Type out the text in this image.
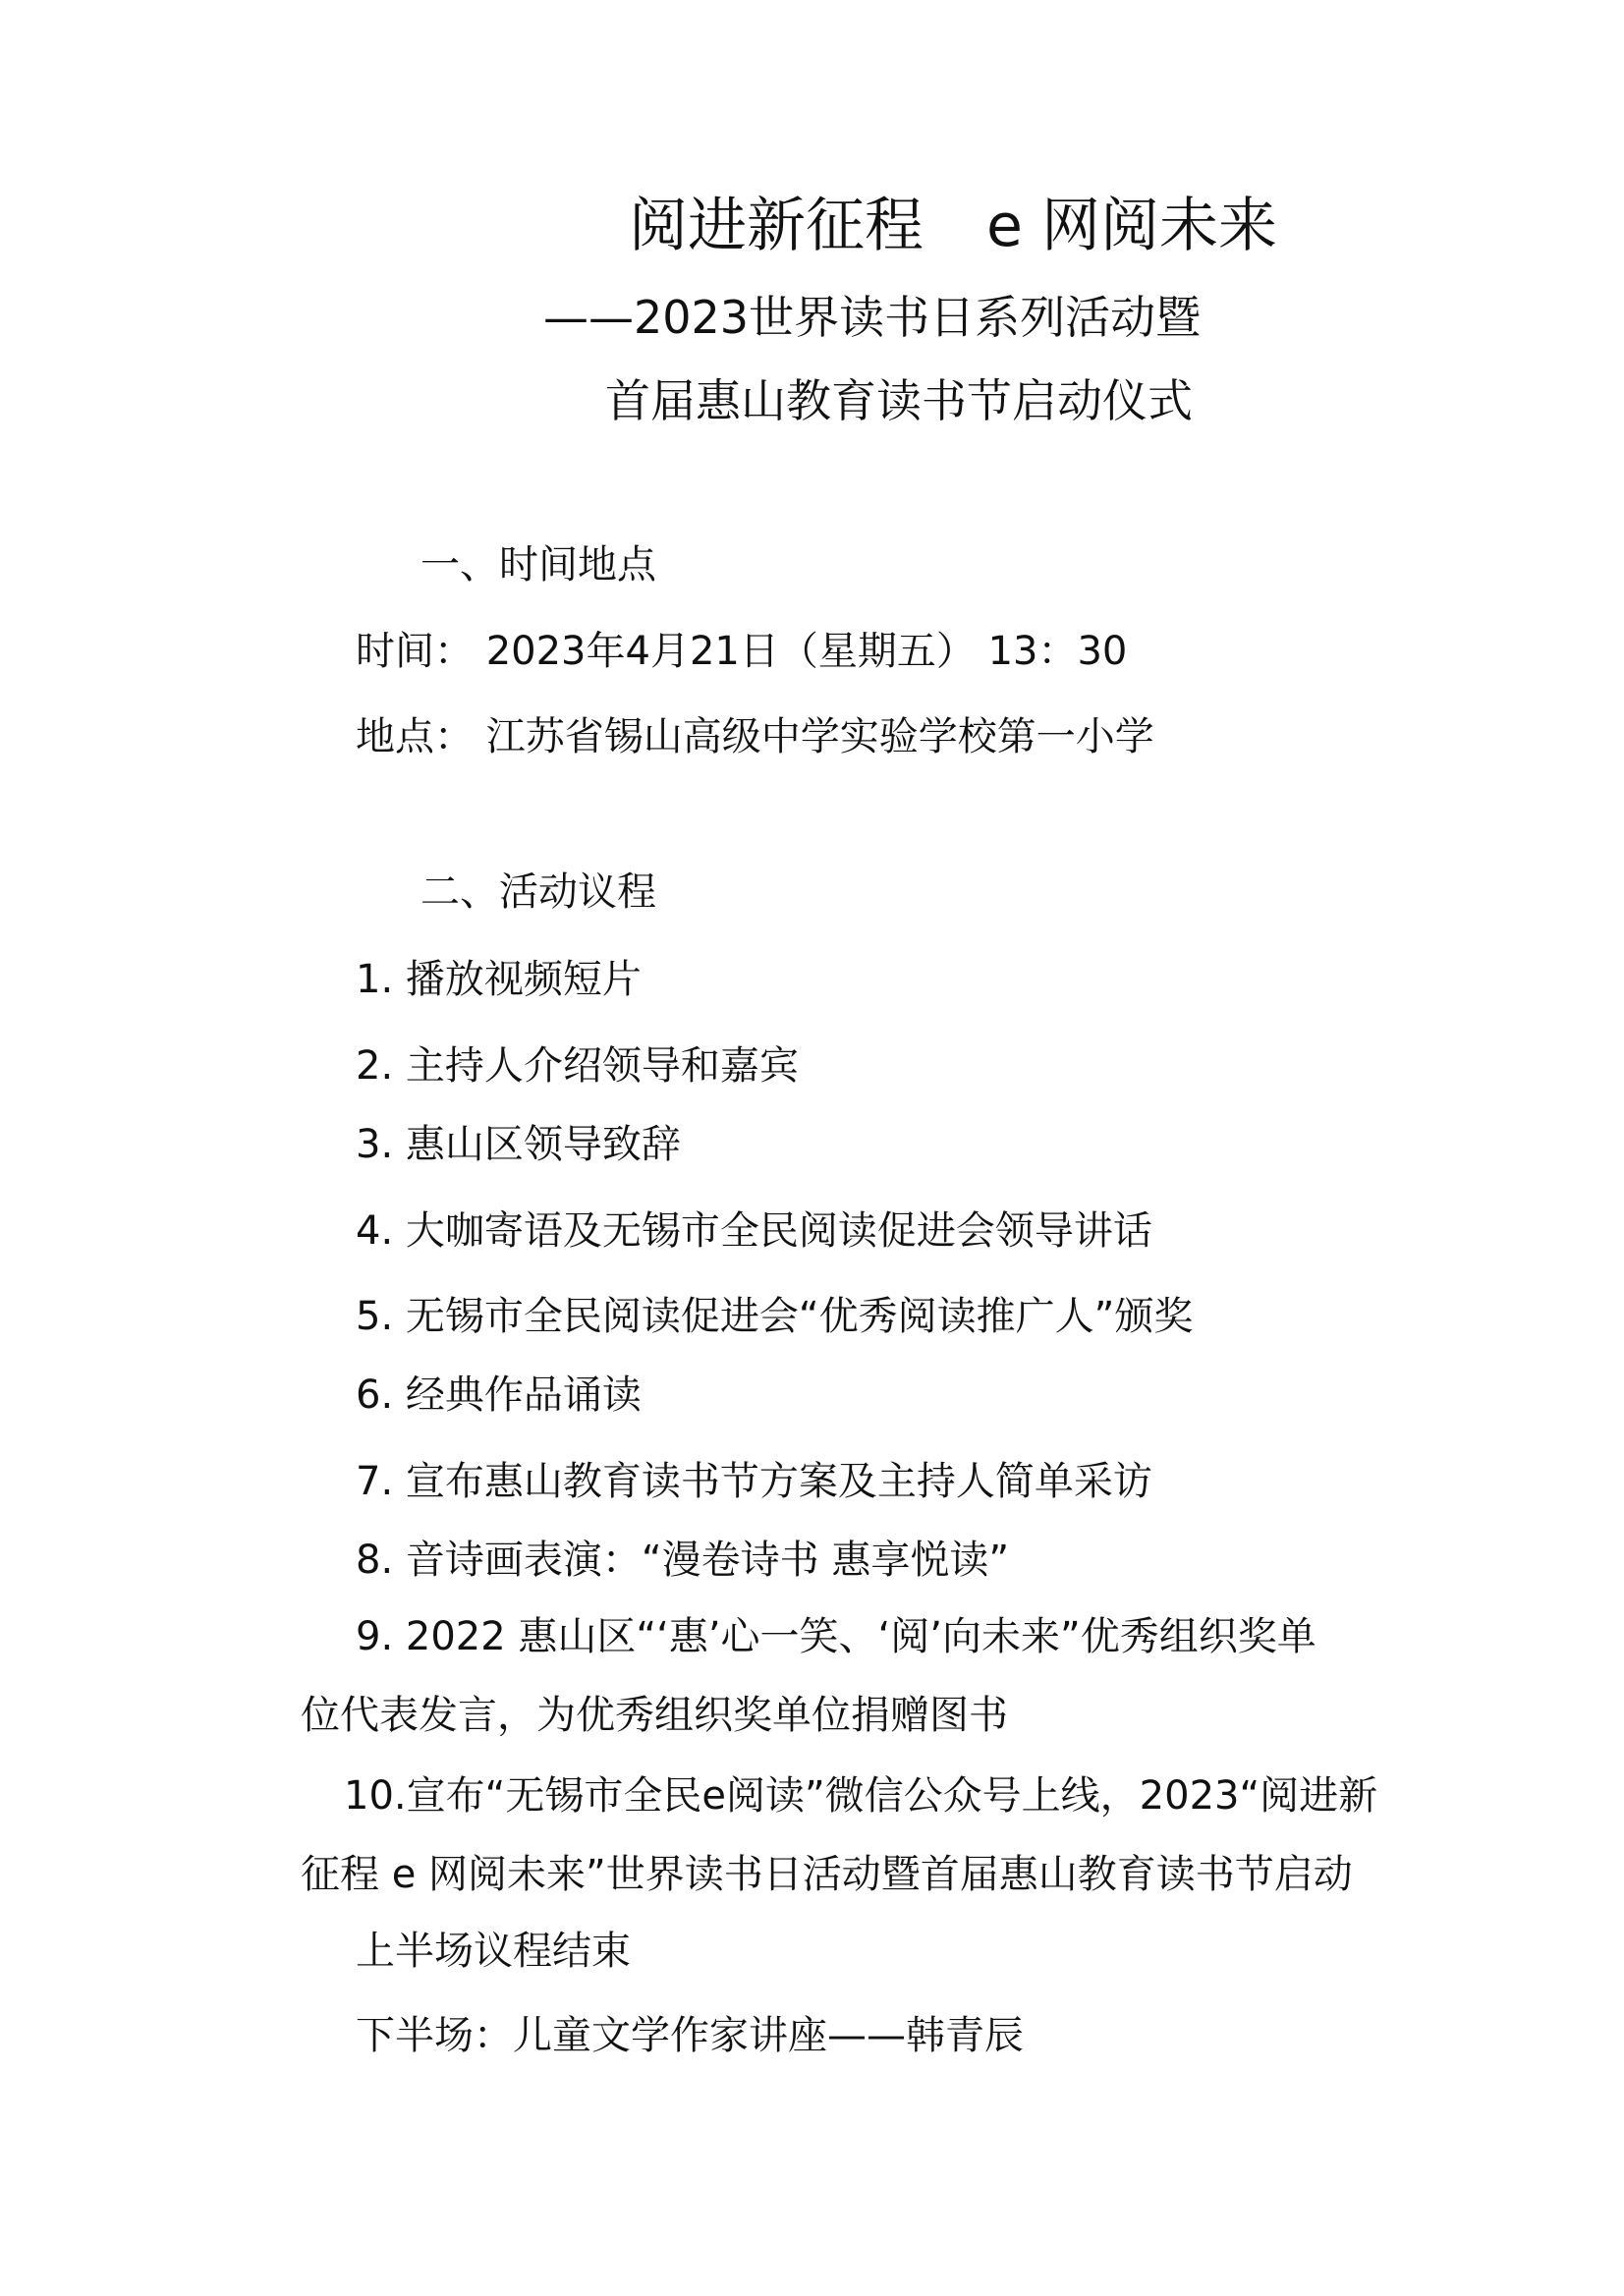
阅进新征程 e 网阅未来
——2023世界读书日系列活动暨
首届惠山教育读书节启动仪式
一、时间地点
时间： 2023年4月21日（星期五） 13：30
地点： 江苏省锡山高级中学实验学校第一小学
二、活动议程
1. 播放视频短片
2. 主持人介绍领导和嘉宾
3. 惠山区领导致辞
4. 大咖寄语及无锡市全民阅读促进会领导讲话
5. 无锡市全民阅读促进会“优秀阅读推广人”颁奖
6. 经典作品诵读
7. 宣布惠山教育读书节方案及主持人简单采访
8. 音诗画表演：“漫卷诗书 惠享悦读”
9. 2022 惠山区“‘惠’心一笑、‘阅’向未来”优秀组织奖单
位代表发言，为优秀组织奖单位捐赠图书
10.宣布“无锡市全民e阅读”微信公众号上线，2023“阅进新
征程 e 网阅未来”世界读书日活动暨首届惠山教育读书节启动
上半场议程结束
下半场：儿童文学作家讲座——韩青辰
